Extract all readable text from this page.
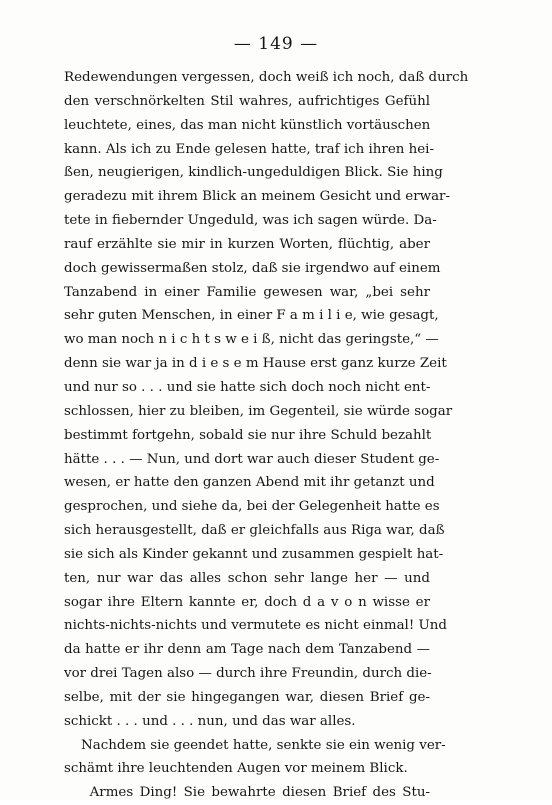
— 149 —
Redewendungen vergessen, doch weiß ich noch, daß durch
den verschnörkelten Stil wahres, aufrichtiges Gefühl
leuchtete, eines, das man nicht künstlich vortäuschen
kann. Als ich zu Ende gelesen hatte, traf ich ihren hei-
ßen, neugierigen, kindlich-ungeduldigen Blick. Sie hing
geradezu mit ihrem Blick an meinem Gesicht und erwar-
tete in fiebernder Ungeduld, was ich sagen würde. Da-
rauf erzählte sie mir in kurzen Worten, flüchtig, aber
doch gewissermaßen stolz, daß sie irgendwo auf einem
Tanzabend in einer Familie gewesen war, „bei sehr
sehr guten Menschen, in einer F a m i l i e, wie gesagt,
wo man noch n i c h t s w e i ß, nicht das geringste,“ —
denn sie war ja in d i e s e m Hause erst ganz kurze Zeit
und nur so . . . und sie hatte sich doch noch nicht ent-
schlossen, hier zu bleiben, im Gegenteil, sie würde sogar
bestimmt fortgehn, sobald sie nur ihre Schuld bezahlt
hätte . . . — Nun, und dort war auch dieser Student ge-
wesen, er hatte den ganzen Abend mit ihr getanzt und
gesprochen, und siehe da, bei der Gelegenheit hatte es
sich herausgestellt, daß er gleichfalls aus Riga war, daß
sie sich als Kinder gekannt und zusammen gespielt hat-
ten, nur war das alles schon sehr lange her — und
sogar ihre Eltern kannte er, doch d a v o n wisse er
nichts-nichts-nichts und vermutete es nicht einmal! Und
da hatte er ihr denn am Tage nach dem Tanzabend —
vor drei Tagen also — durch ihre Freundin, durch die-
selbe, mit der sie hingegangen war, diesen Brief ge-
schickt . . . und . . . nun, und das war alles.
Nachdem sie geendet hatte, senkte sie ein wenig ver-
schämt ihre leuchtenden Augen vor meinem Blick.
Armes Ding! Sie bewahrte diesen Brief des Stu-
